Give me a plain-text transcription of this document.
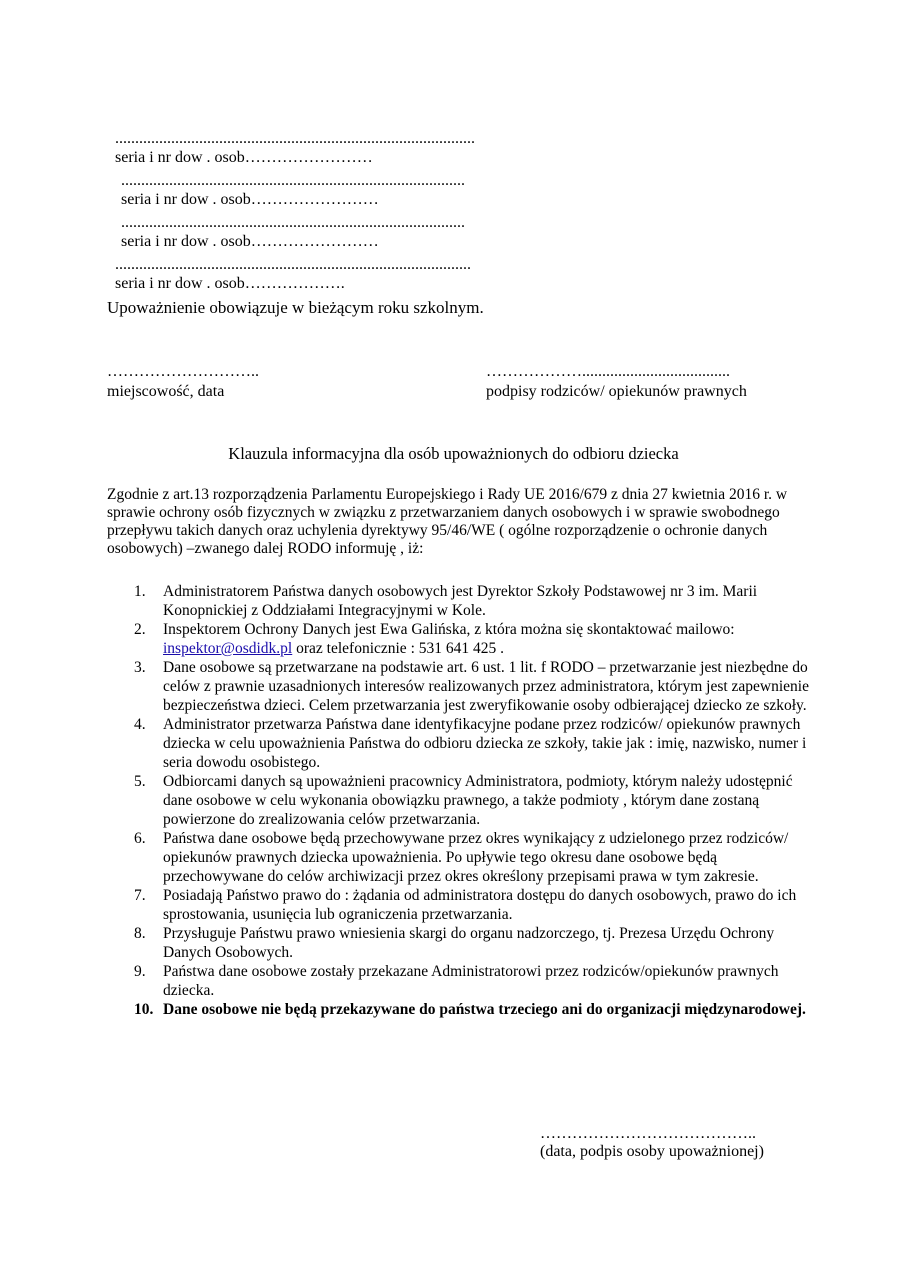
..........................................................................................
seria i nr dow . osob……………………

......................................................................................
seria i nr dow . osob……………………

......................................................................................
seria i nr dow . osob……………………

.........................................................................................
seria i nr dow . osob……………….

Upoważnienie obowiązuje w bieżącym roku szkolnym.
………………………..
miejscowość, data
……………….....................................
podpisy rodziców/ opiekunów prawnych
Klauzula informacyjna dla osób upoważnionych do odbioru dziecka
Zgodnie z art.13 rozporządzenia Parlamentu Europejskiego i Rady UE 2016/679 z dnia 27 kwietnia 2016 r. w sprawie ochrony osób fizycznych w związku z przetwarzaniem danych osobowych i w sprawie swobodnego przepływu takich danych oraz uchylenia dyrektywy 95/46/WE ( ogólne rozporządzenie o ochronie danych osobowych) –zwanego dalej RODO informuję , iż:
1. Administratorem Państwa danych osobowych jest Dyrektor Szkoły Podstawowej nr 3 im. Marii Konopnickiej z Oddziałami Integracyjnymi w Kole.
2. Inspektorem Ochrony Danych jest Ewa Galińska, z która można się skontaktować mailowo: inspektor@osdidk.pl oraz telefonicznie : 531 641 425 .
3. Dane osobowe są przetwarzane na podstawie art. 6 ust. 1 lit. f RODO – przetwarzanie jest niezbędne do celów z prawnie uzasadnionych interesów realizowanych przez administratora, którym jest zapewnienie bezpieczeństwa dzieci. Celem przetwarzania jest zweryfikowanie osoby odbierającej dziecko ze szkoły.
4. Administrator przetwarza Państwa dane identyfikacyjne podane przez rodziców/ opiekunów prawnych dziecka w celu upoważnienia Państwa do odbioru dziecka ze szkoły, takie jak : imię, nazwisko, numer i seria dowodu osobistego.
5. Odbiorcami danych są upoważnieni pracownicy Administratora, podmioty, którym należy udostępnić dane osobowe w celu wykonania obowiązku prawnego, a także podmioty , którym dane zostaną powierzone do zrealizowania celów przetwarzania.
6. Państwa dane osobowe będą przechowywane przez okres wynikający z udzielonego przez rodziców/ opiekunów prawnych dziecka upoważnienia. Po upływie tego okresu dane osobowe będą przechowywane do celów archiwizacji przez okres określony przepisami prawa w tym zakresie.
7. Posiadają Państwo prawo do : żądania od administratora dostępu do danych osobowych, prawo do ich sprostowania, usunięcia lub ograniczenia przetwarzania.
8. Przysługuje Państwu prawo wniesienia skargi do organu nadzorczego, tj. Prezesa Urzędu Ochrony Danych Osobowych.
9. Państwa dane osobowe zostały przekazane Administratorowi przez rodziców/opiekunów prawnych dziecka.
10. Dane osobowe nie będą przekazywane do państwa trzeciego ani do organizacji międzynarodowej.
…………………………………..
(data, podpis osoby upoważnionej)
